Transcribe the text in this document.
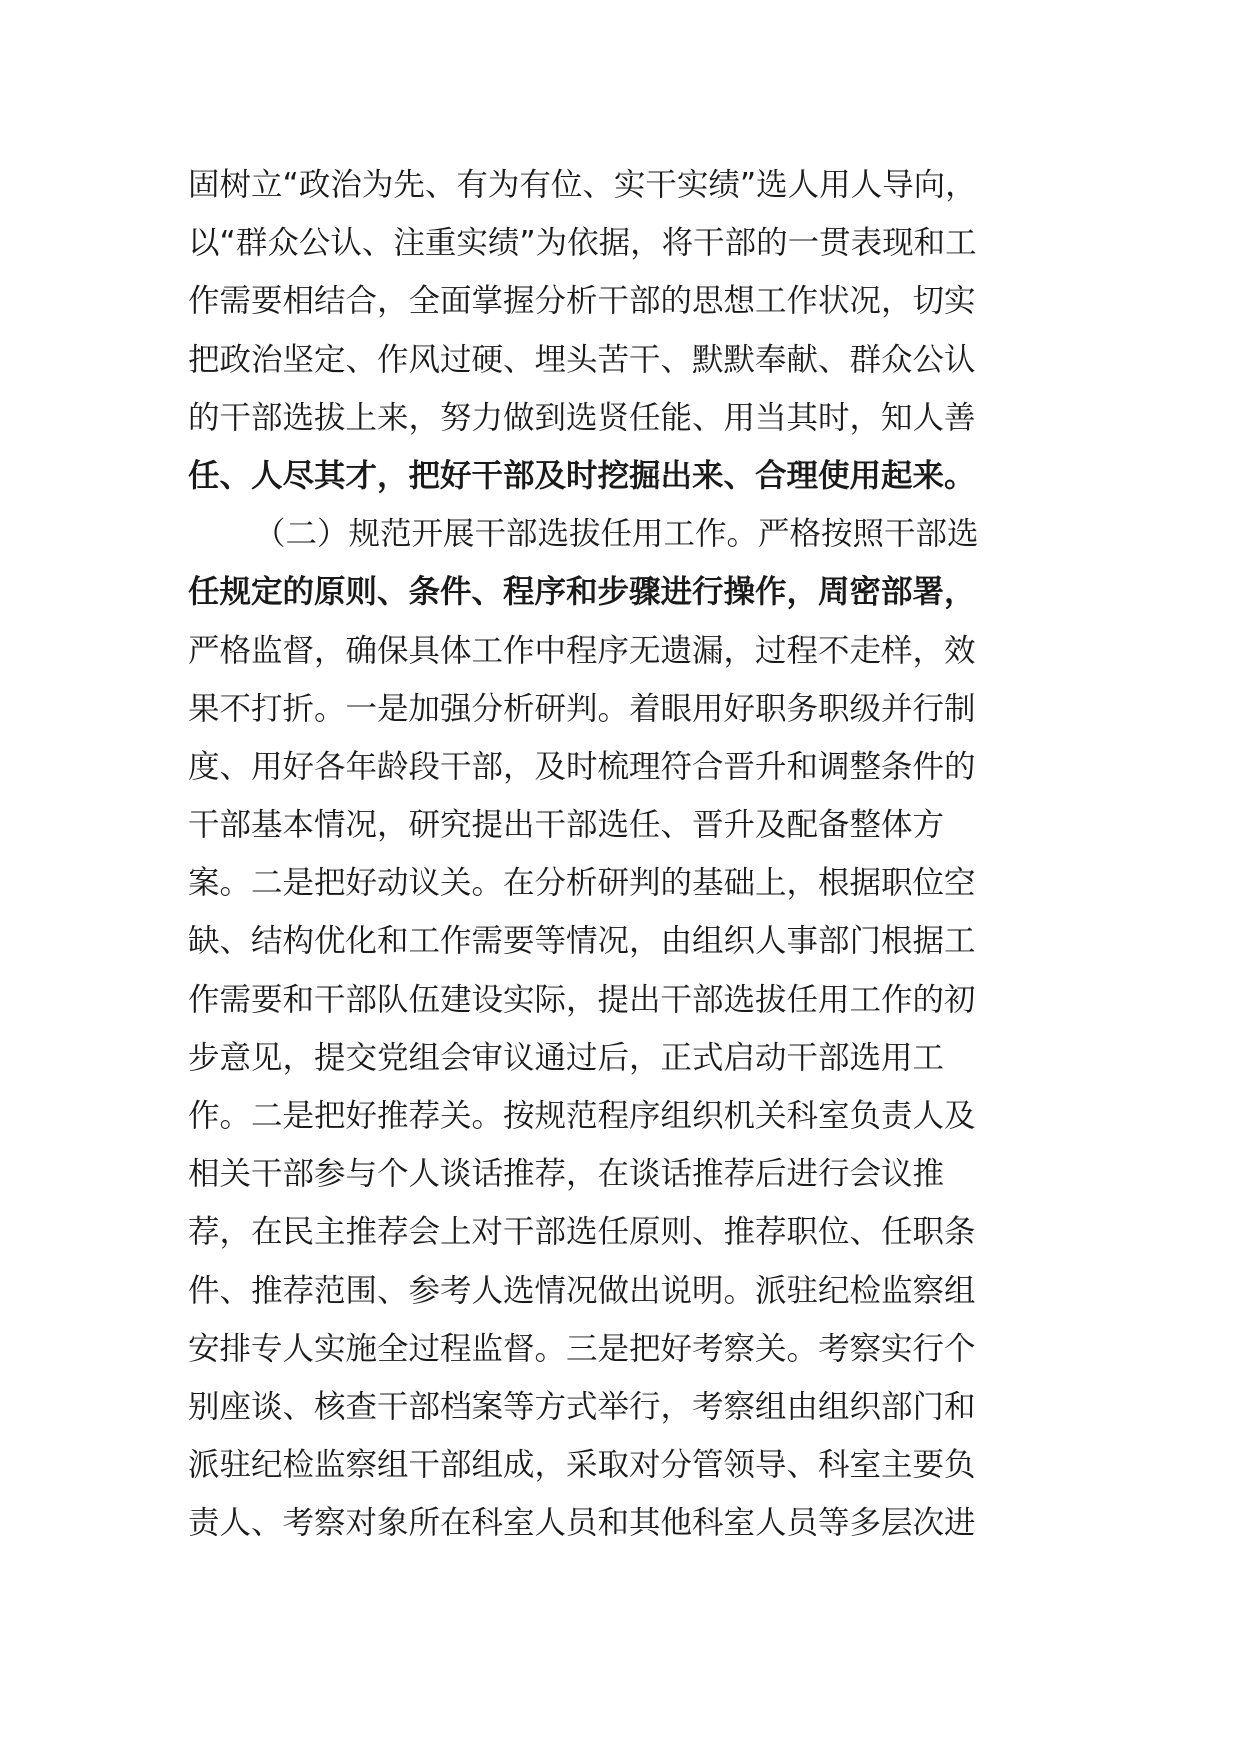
固树立“政治为先、有为有位、实干实绩”选人用人导向，
以“群众公认、注重实绩”为依据，将干部的一贯表现和工
作需要相结合，全面掌握分析干部的思想工作状况，切实
把政治坚定、作风过硬、埋头苦干、默默奉献、群众公认
的干部选拔上来，努力做到选贤任能、用当其时，知人善
任、人尽其才，把好干部及时挖掘出来、合理使用起来。
（二）规范开展干部选拔任用工作。严格按照干部选
任规定的原则、条件、程序和步骤进行操作，周密部署，
严格监督，确保具体工作中程序无遗漏，过程不走样，效
果不打折。一是加强分析研判。着眼用好职务职级并行制
度、用好各年龄段干部，及时梳理符合晋升和调整条件的
干部基本情况，研究提出干部选任、晋升及配备整体方
案。二是把好动议关。在分析研判的基础上，根据职位空
缺、结构优化和工作需要等情况，由组织人事部门根据工
作需要和干部队伍建设实际，提出干部选拔任用工作的初
步意见，提交党组会审议通过后，正式启动干部选用工
作。二是把好推荐关。按规范程序组织机关科室负责人及
相关干部参与个人谈话推荐，在谈话推荐后进行会议推
荐，在民主推荐会上对干部选任原则、推荐职位、任职条
件、推荐范围、参考人选情况做出说明。派驻纪检监察组
安排专人实施全过程监督。三是把好考察关。考察实行个
别座谈、核查干部档案等方式举行，考察组由组织部门和
派驻纪检监察组干部组成，采取对分管领导、科室主要负
责人、考察对象所在科室人员和其他科室人员等多层次进
